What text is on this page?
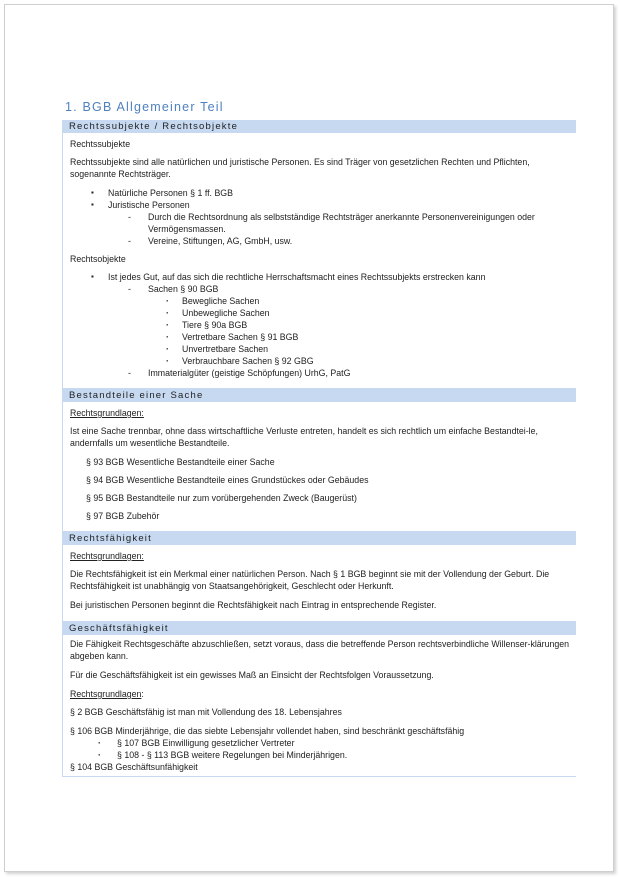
1. BGB Allgemeiner Teil
Rechtssubjekte / Rechtsobjekte
Rechtssubjekte

Rechtssubjekte sind alle natürlichen und juristische Personen. Es sind Träger von gesetzlichen Rechten und Pflichten, sogenannte Rechtsträger.

▪ Natürliche Personen § 1 ff. BGB
▪ Juristische Personen
- Durch die Rechtsordnung als selbstständige Rechtsträger anerkannte Personenvereinigungen oder Vermögensmassen.
- Vereine, Stiftungen, AG, GmbH, usw.
Rechtsobjekte
▪ Ist jedes Gut, auf das sich die rechtliche Herrschaftsmacht eines Rechtssubjekts erstrecken kann
- Sachen § 90 BGB
· Bewegliche Sachen
· Unbewegliche Sachen
· Tiere § 90a BGB
· Vertretbare Sachen § 91 BGB
· Unvertretbare Sachen
· Verbrauchbare Sachen § 92 GBG
- Immaterialgüter (geistige Schöpfungen) UrhG, PatG
Bestandteile einer Sache
Rechtsgrundlagen:

Ist eine Sache trennbar, ohne dass wirtschaftliche Verluste entreten, handelt es sich rechtlich um einfache Bestandtei-le, andernfalls um wesentliche Bestandteile.

§ 93 BGB Wesentliche Bestandteile einer Sache
§ 94 BGB Wesentliche Bestandteile eines Grundstückes oder Gebäudes
§ 95 BGB Bestandteile nur zum vorübergehenden Zweck (Baugerüst)
§ 97 BGB Zubehör
Rechtsfähigkeit
Rechtsgrundlagen:

Die Rechtsfähigkeit ist ein Merkmal einer natürlichen Person. Nach § 1 BGB beginnt sie mit der Vollendung der Geburt. Die Rechtsfähigkeit ist unabhängig von Staatsangehörigkeit, Geschlecht oder Herkunft.

Bei juristischen Personen beginnt die Rechtsfähigkeit nach Eintrag in entsprechende Register.

Geschäftsfähigkeit

Die Fähigkeit Rechtsgeschäfte abzuschließen, setzt voraus, dass die betreffende Person rechtsverbindliche Willenser-klärungen abgeben kann.

Für die Geschäftsfähigkeit ist ein gewisses Maß an Einsicht der Rechtsfolgen Voraussetzung.

Rechtsgrundlagen:

§ 2 BGB Geschäftsfähig ist man mit Vollendung des 18. Lebensjahres

§ 106 BGB Minderjährige, die das siebte Lebensjahr vollendet haben, sind beschränkt geschäftsfähig
· § 107 BGB Einwilligung gesetzlicher Vertreter
· § 108 - § 113 BGB weitere Regelungen bei Minderjährigen.
§ 104 BGB Geschäftsunfähigkeit
